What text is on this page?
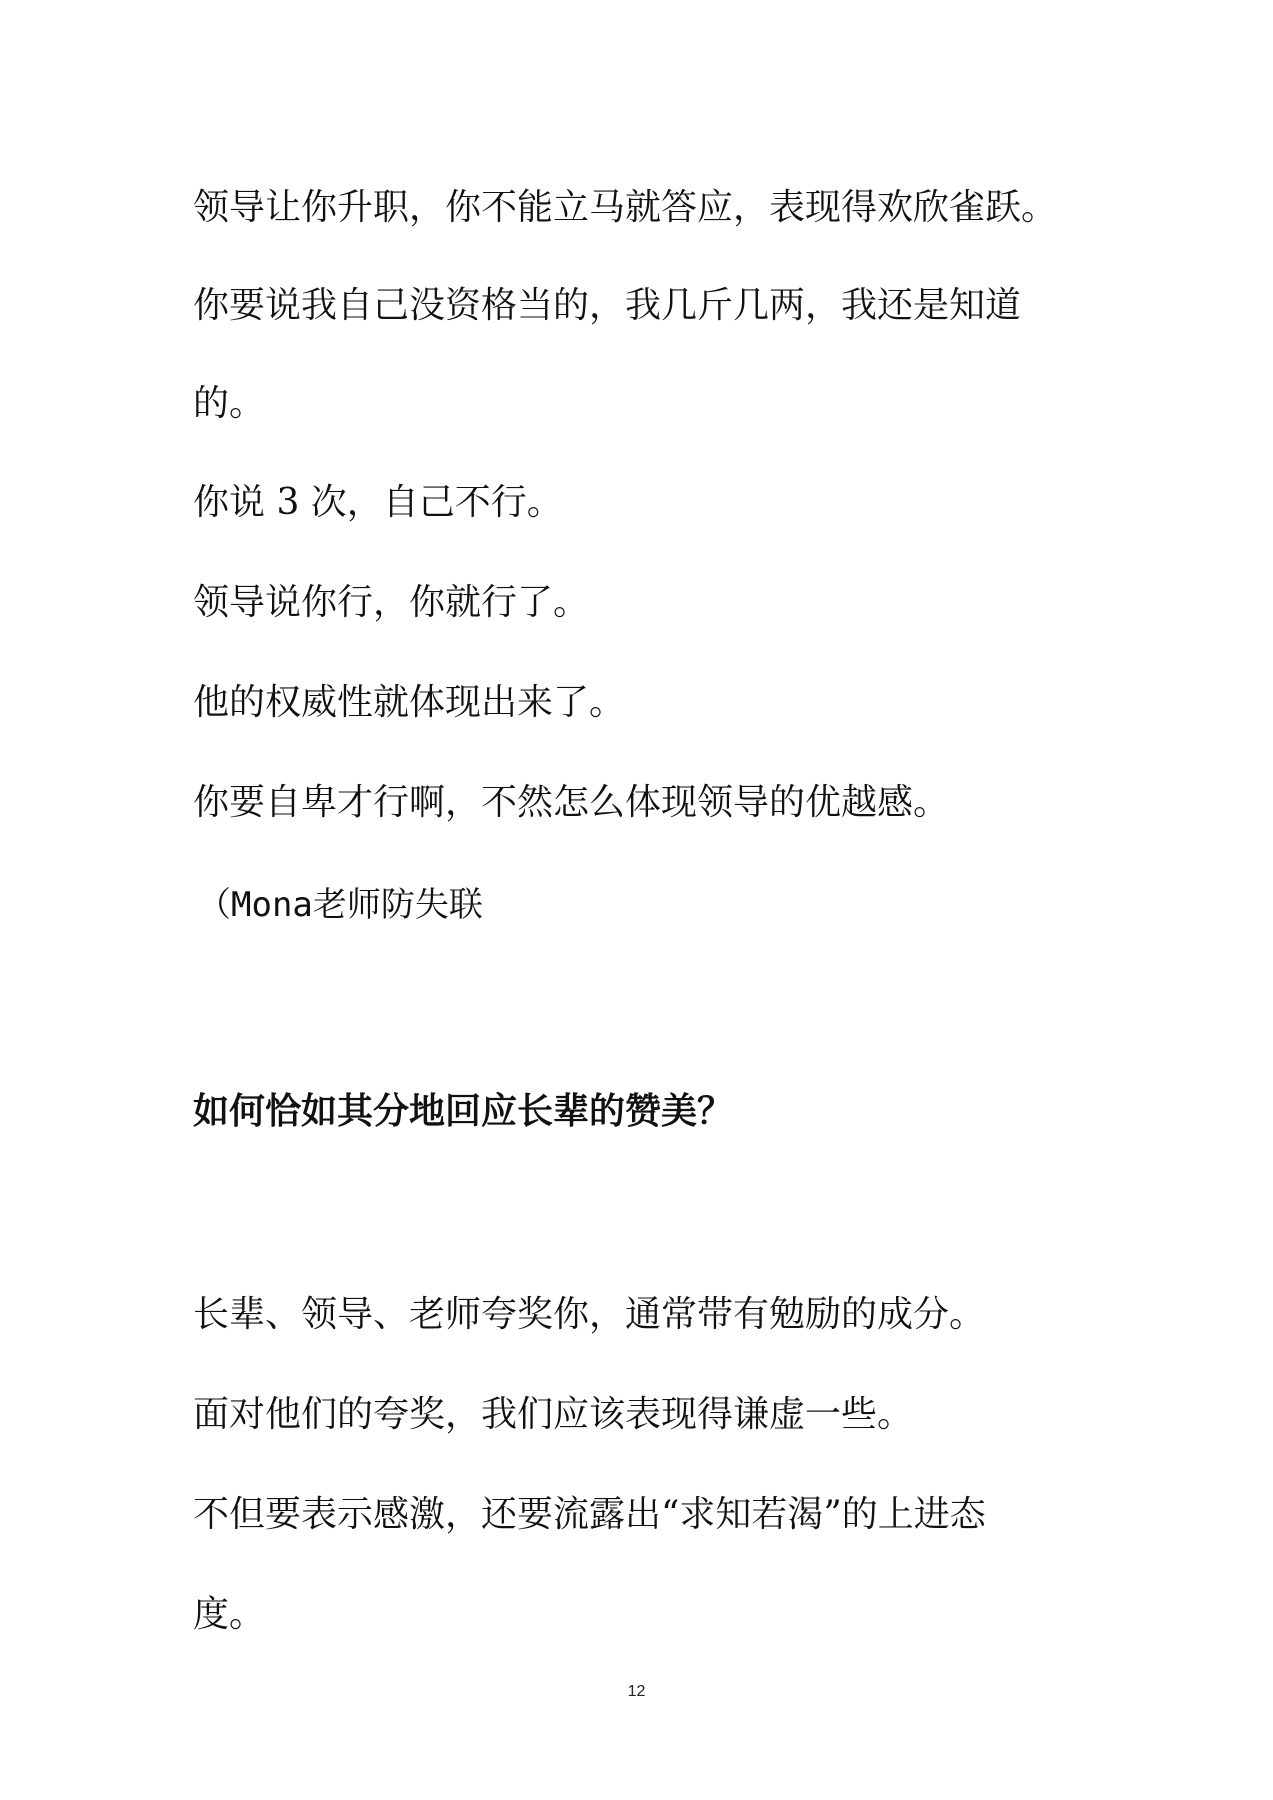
领导让你升职，你不能立马就答应，表现得欢欣雀跃。

你要说我自己没资格当的，我几斤几两，我还是知道

的。

你说 3 次，自己不行。

领导说你行，你就行了。

他的权威性就体现出来了。

你要自卑才行啊，不然怎么体现领导的优越感。

（Mona老师防失联

如何恰如其分地回应长辈的赞美？

长辈、领导、老师夸奖你，通常带有勉励的成分。

面对他们的夸奖，我们应该表现得谦虚一些。

不但要表示感激，还要流露出“求知若渴”的上进态

度。

12
